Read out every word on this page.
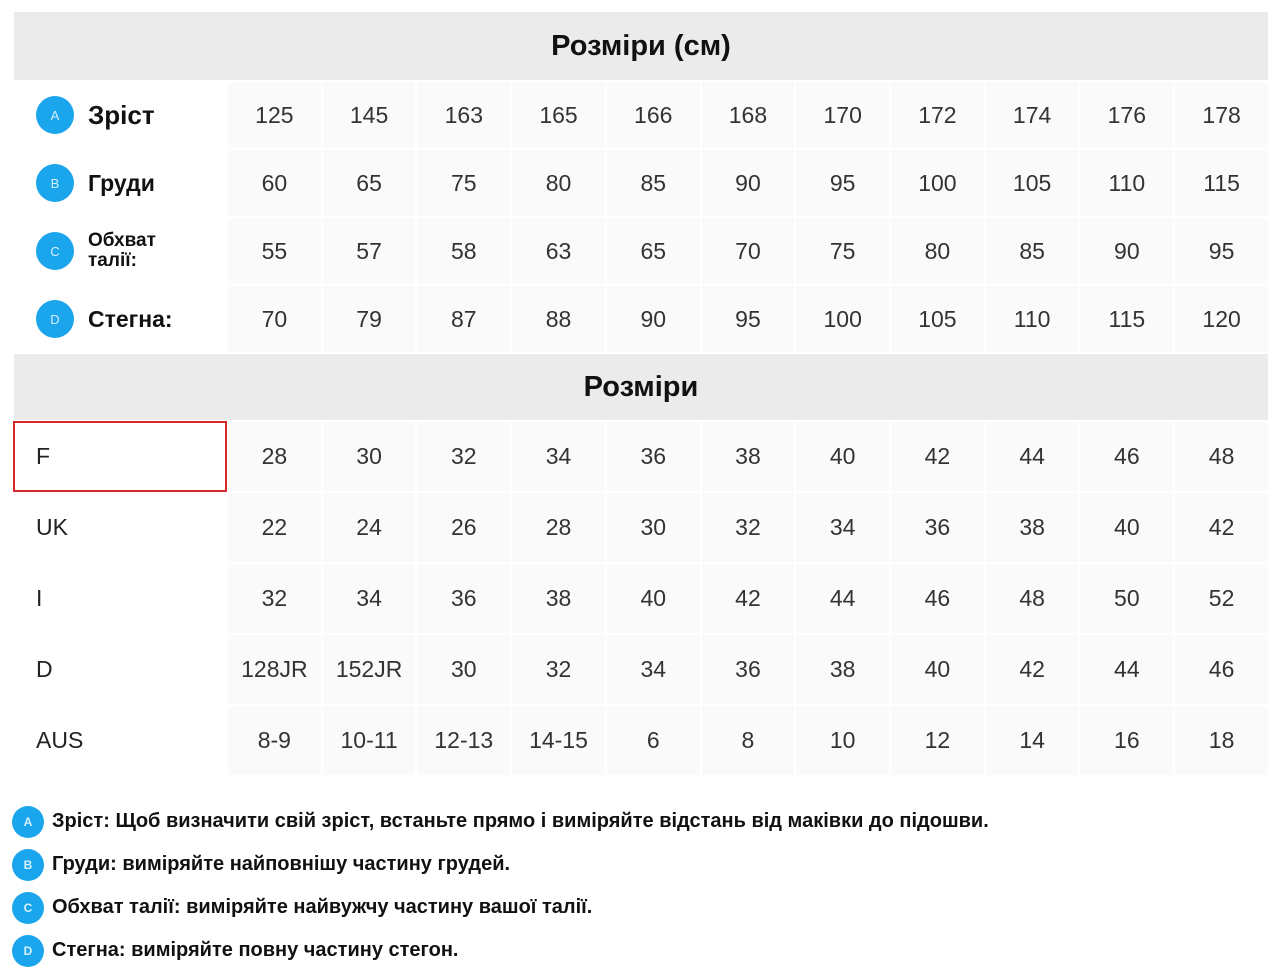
Розміри (см)											

A Зріст	125	145	163	165	166	168	170	172	174	176	178

B Груди	60	65	75	80	85	90	95	100	105	110	115

C Обхват талії:	55	57	58	63	65	70	75	80	85	90	95

D Стегна:	70	79	87	88	90	95	100	105	110	115	120
Розміри											
F	28	30	32	34	36	38	40	42	44	46	48
UK	22	24	26	28	30	32	34	36	38	40	42
I	32	34	36	38	40	42	44	46	48	50	52
D	128JR	152JR	30	32	34	36	38	40	42	44	46
AUS	8-9	10-11	12-13	14-15	6	8	10	12	14	16	18
A Зріст: Щоб визначити свій зріст, встаньте прямо і виміряйте відстань від маківки до підошви.
B Груди: виміряйте найповнішу частину грудей.
C Обхват талії: виміряйте найвужчу частину вашої талії.
D Стегна: виміряйте повну частину стегон.
